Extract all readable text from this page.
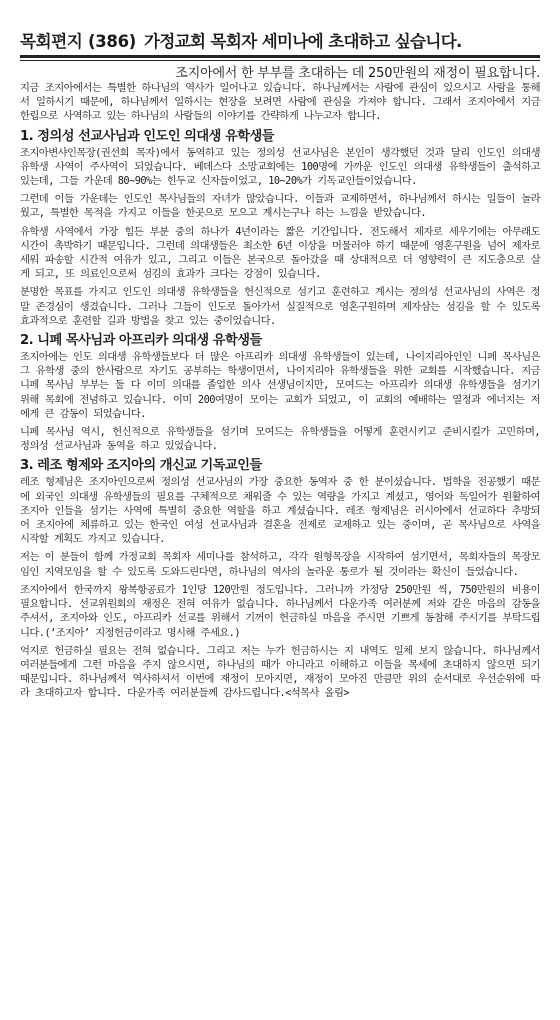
목회편지 (386) 가정교회 목회자 세미나에 초대하고 싶습니다.
조지아에서 한 부부를 초대하는 데 250만원의 재정이 필요합니다.

지금 조지아에서는 특별한 하나님의 역사가 일어나고 있습니다. 하나님께서는 사람에 관심이 있으시고 사람을 통해서 일하시기 때문에, 하나님께서 일하시는 현장을 보려면 사람에 관심을 가져야 합니다. 그래서 조지아에서 지금 한립으로 사역하고 있는 하나님의 사람들의 이야기를 간략하게 나누고자 합니다.

1. 정의성 선교사님과 인도인 의대생 유학생들

조지아변샤인목장(권선희 목자)에서 동역하고 있는 정의성 선교사님은 본인이 생각했던 것과 달리 인도인 의대생 유학생 사역이 주사역이 되었습니다. 베데스다 소망교회에는 100명에 가까운 인도인 의대생 유학생들이 출석하고 있는데, 그들 가운데 80~90%는 힌두교 신자들이었고, 10~20%가 기독교인들이었습니다.

그런데 이들 가운데는 인도인 목사님들의 자녀가 많았습니다. 이들과 교제하면서, 하나님께서 하시는 일들이 놀라웠고, 특별한 목적을 가지고 이들을 한곳으로 모으고 계시는구나 하는 느낌을 받았습니다.

유학생 사역에서 가장 힘든 부분 중의 하나가 4년이라는 짧은 기간입니다. 전도해서 제자로 세우기에는 아무래도 시간이 촉박하기 때문입니다. 그런데 의대생들은 최소한 6년 이상을 머물러야 하기 때문에 영혼구원을 넘어 제자로 세워 파송할 시간적 여유가 있고, 그리고 이들은 본국으로 돌아갔을 때 상대적으로 더 영향력이 큰 지도층으로 살게 되고, 또 의료인으로써 섬김의 효과가 크다는 강점이 있습니다.

분명한 목표를 가지고 인도인 의대생 유학생들을 헌신적으로 섬기고 훈련하고 계시는 정의성 선교사님의 사역은 정말 존경심이 생겼습니다. 그러나 그들이 인도로 돌아가서 실질적으로 영혼구원하며 제자삼는 섬김을 할 수 있도록 효과적으로 훈련할 길과 방법을 찾고 있는 중이었습니다.

2. 니페 목사님과 아프리카 의대생 유학생들

조지아에는 인도 의대생 유학생들보다 더 많은 아프리카 의대생 유학생들이 있는데, 나이지리아인인 니페 목사님은 그 유학생 중의 한사람으로 자기도 공부하는 학생이면서, 나이지리아 유학생들을 위한 교회를 시작했습니다. 지금 니페 목사님 부부는 둘 다 이미 의대를 졸업한 의사 선생님이지만, 모여드는 아프리카 의대생 유학생들을 섬기기 위해 목회에 전념하고 있습니다. 이미 200여명이 모이는 교회가 되었고, 이 교회의 예배하는 열정과 에너지는 저에게 큰 감동이 되었습니다.

니페 목사님 역시, 헌신적으로 유학생들을 섬기며 모여드는 유학생들을 어떻게 훈련시키고 준비시킬가 고민하며, 정의성 선교사님과 동역을 하고 있었습니다.

3. 레조 형제와 조지아의 개신교 기독교인들

레조 형제님은 조지아인으로써 정의성 선교사님의 가장 중요한 동역자 중 한 분이셨습니다. 법학을 전공했기 때문에 외국인 의대생 유학생들의 필요를 구체적으로 채워줄 수 있는 역량을 가지고 계셨고, 영어와 독일어가 원활하여 조지아 인들을 섬기는 사역에 특별히 중요한 역할을 하고 계셨습니다. 레조 형제님은 러시아에서 선교하다 추방되어 조지아에 체류하고 있는 한국인 여성 선교사님과 결혼을 전제로 교제하고 있는 중이며, 곧 목사님으로 사역을 시작할 계획도 가지고 있습니다.

저는 이 분들이 함께 가정교회 목회자 세미나를 참석하고, 각각 원형목장을 시작하여 섬기면서, 목회자들의 목장모임인 지역모임을 할 수 있도록 도와드린다면, 하나님의 역사의 놀라운 통로가 될 것이라는 확신이 들었습니다.

조지아에서 한국까지 왕복항공료가 1인당 120만원 정도입니다. 그러니까 가정당 250만원 씩, 750만원의 비용이 필요합니다. 선교위원회의 재정은 전혀 여유가 없습니다. 하나님께서 다운가족 여러분께 저와 같은 마음의 감동을 주셔서, 조지아와 인도, 아프리카 선교를 위해서 기꺼이 헌금하실 마음을 주시면 기쁘게 동참해 주시기를 부탁드립니다.(‘조지아’ 지정헌금이라고 명시해 주세요.)

억지로 헌금하실 필요는 전혀 없습니다. 그리고 저는 누가 헌금하시는 지 내역도 일체 보지 않습니다. 하나님께서 여러분들에게 그런 마음을 주지 않으시면, 하나님의 때가 아니라고 이해하고 이들을 목세에 초대하지 않으면 되기 때문입니다. 하나님께서 역사하셔서 이번에 재정이 모아지면, 재정이 모아진 만큼만 위의 순서대로 우선순위에 따라 초대하고자 합니다. 다운가족 여러분들께 감사드립니다.<석목사 올림>
